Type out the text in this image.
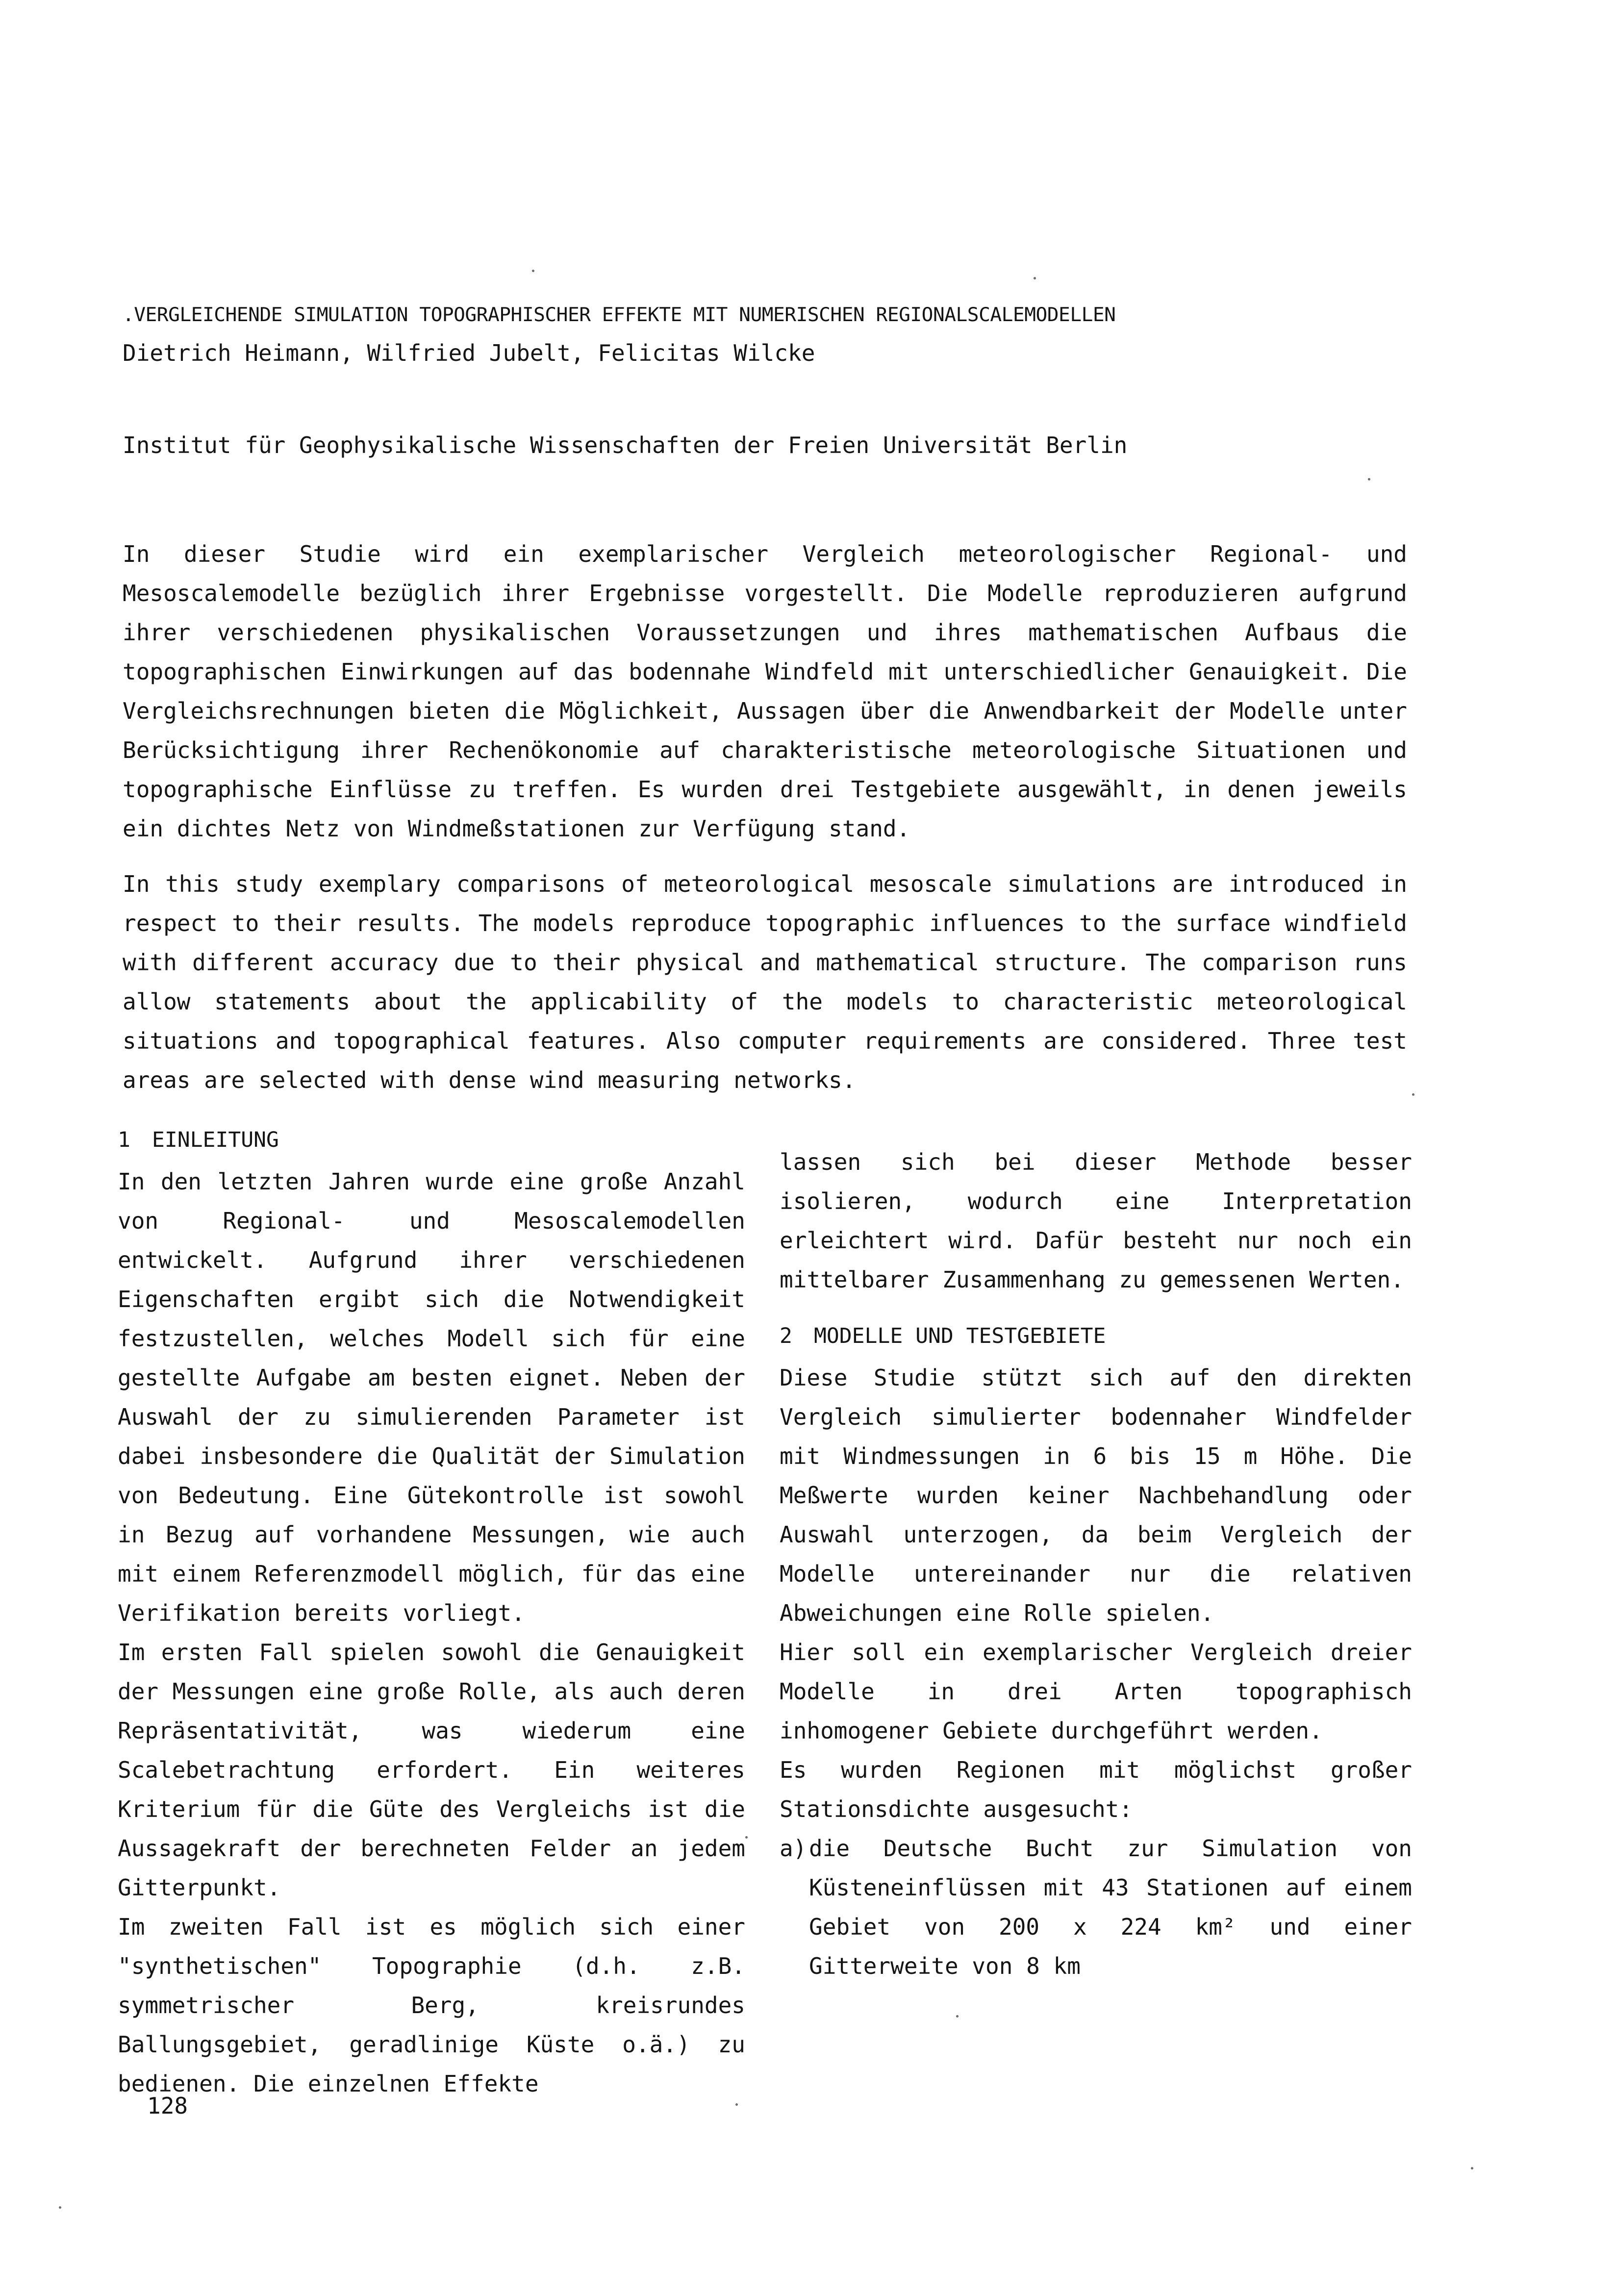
.VERGLEICHENDE SIMULATION TOPOGRAPHISCHER EFFEKTE MIT NUMERISCHEN REGIONALSCALEMODELLEN
Dietrich Heimann, Wilfried Jubelt, Felicitas Wilcke
Institut für Geophysikalische Wissenschaften der Freien Universität Berlin

In dieser Studie wird ein exemplarischer Vergleich meteorologischer Regional- und Mesoscalemodelle bezüglich ihrer Ergebnisse vorgestellt. Die Modelle reproduzieren aufgrund ihrer verschiedenen physikalischen Voraussetzungen und ihres mathematischen Aufbaus die topographischen Einwirkungen auf das bodennahe Windfeld mit unterschiedlicher Genauigkeit. Die Vergleichsrechnungen bieten die Möglichkeit, Aussagen über die Anwendbarkeit der Modelle unter Berücksichtigung ihrer Rechenökonomie auf charakteristische meteorologische Situationen und topographische Einflüsse zu treffen. Es wurden drei Testgebiete ausgewählt, in denen jeweils ein dichtes Netz von Windmeßstationen zur Verfügung stand.

In this study exemplary comparisons of meteorological mesoscale simulations are introduced in respect to their results. The models reproduce topographic influences to the surface windfield with different accuracy due to their physical and mathematical structure. The comparison runs allow statements about the applicability of the models to characteristic meteorological situations and topographical features. Also computer requirements are considered. Three test areas are selected with dense wind measuring networks.

1 EINLEITUNG

In den letzten Jahren wurde eine große Anzahl von Regional- und Mesoscalemodellen entwickelt. Aufgrund ihrer verschiedenen Eigenschaften ergibt sich die Notwendigkeit festzustellen, welches Modell sich für eine gestellte Aufgabe am besten eignet. Neben der Auswahl der zu simulierenden Parameter ist dabei insbesondere die Qualität der Simulation von Bedeutung. Eine Gütekontrolle ist sowohl in Bezug auf vorhandene Messungen, wie auch mit einem Referenzmodell möglich, für das eine Verifikation bereits vorliegt.

Im ersten Fall spielen sowohl die Genauigkeit der Messungen eine große Rolle, als auch deren Repräsentativität, was wiederum eine Scalebetrachtung erfordert. Ein weiteres Kriterium für die Güte des Vergleichs ist die Aussagekraft der berechneten Felder an jedem Gitterpunkt.

Im zweiten Fall ist es möglich sich einer "synthetischen" Topographie (d.h. z.B. symmetrischer Berg, kreisrundes Ballungsgebiet, geradlinige Küste o.ä.) zu bedienen. Die einzelnen Effekte

lassen sich bei dieser Methode besser isolieren, wodurch eine Interpretation erleichtert wird. Dafür besteht nur noch ein mittelbarer Zusammenhang zu gemessenen Werten.

2 MODELLE UND TESTGEBIETE

Diese Studie stützt sich auf den direkten Vergleich simulierter bodennaher Windfelder mit Windmessungen in 6 bis 15 m Höhe. Die Meßwerte wurden keiner Nachbehandlung oder Auswahl unterzogen, da beim Vergleich der Modelle untereinander nur die relativen Abweichungen eine Rolle spielen.

Hier soll ein exemplarischer Vergleich dreier Modelle in drei Arten topographisch inhomogener Gebiete durchgeführt werden.

Es wurden Regionen mit möglichst großer Stationsdichte ausgesucht:

a) die Deutsche Bucht zur Simulation von Küsteneinflüssen mit 43 Stationen auf einem Gebiet von 200 x 224 km² und einer Gitterweite von 8 km
128
